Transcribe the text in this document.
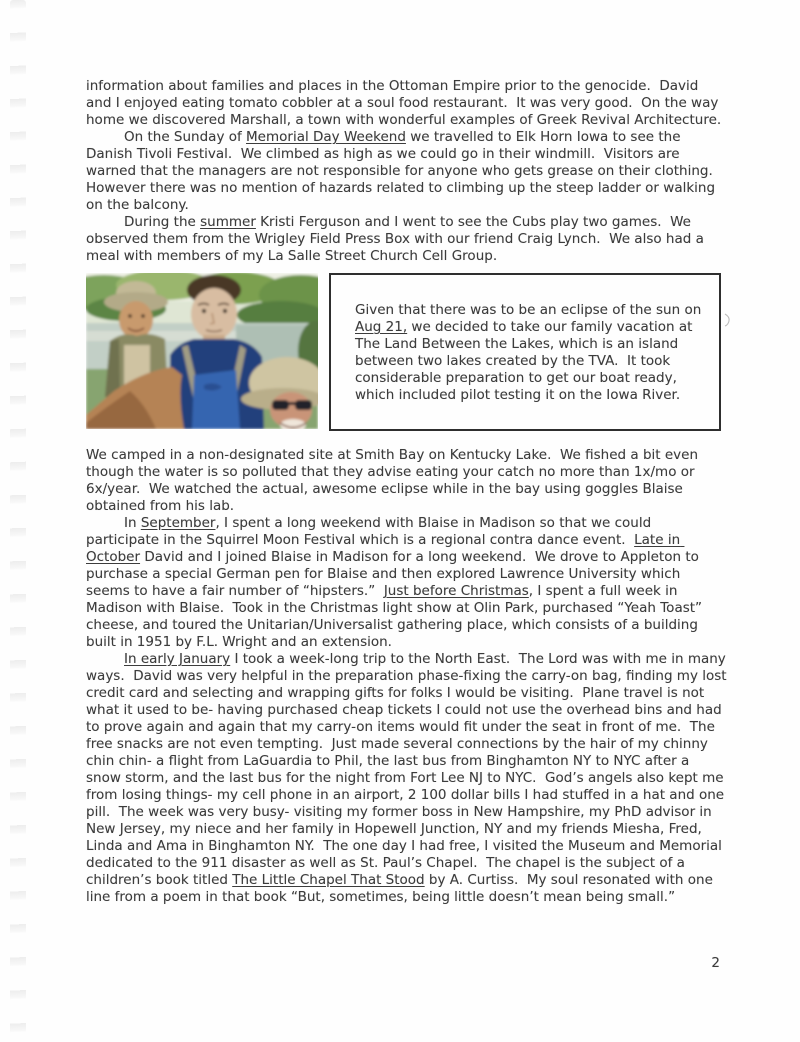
information about families and places in the Ottoman Empire prior to the genocide.  David and I enjoyed eating tomato cobbler at a soul food restaurant.  It was very good.  On the way home we discovered Marshall, a town with wonderful examples of Greek Revival Architecture.

On the Sunday of Memorial Day Weekend we travelled to Elk Horn Iowa to see the Danish Tivoli Festival.  We climbed as high as we could go in their windmill.  Visitors are warned that the managers are not responsible for anyone who gets grease on their clothing.  However there was no mention of hazards related to climbing up the steep ladder or walking on the balcony.

During the summer Kristi Ferguson and I went to see the Cubs play two games.  We observed them from the Wrigley Field Press Box with our friend Craig Lynch.  We also had a meal with members of my La Salle Street Church Cell Group.

Given that there was to be an eclipse of the sun on Aug 21, we decided to take our family vacation at The Land Between the Lakes, which is an island between two lakes created by the TVA.  It took considerable preparation to get our boat ready, which included pilot testing it on the Iowa River.

We camped in a non-designated site at Smith Bay on Kentucky Lake.  We fished a bit even though the water is so polluted that they advise eating your catch no more than 1x/mo or 6x/year.  We watched the actual, awesome eclipse while in the bay using goggles Blaise obtained from his lab.

In September, I spent a long weekend with Blaise in Madison so that we could participate in the Squirrel Moon Festival which is a regional contra dance event.  Late in October David and I joined Blaise in Madison for a long weekend.  We drove to Appleton to purchase a special German pen for Blaise and then explored Lawrence University which seems to have a fair number of “hipsters.”  Just before Christmas, I spent a full week in Madison with Blaise.  Took in the Christmas light show at Olin Park, purchased “Yeah Toast” cheese, and toured the Unitarian/Universalist gathering place, which consists of a building built in 1951 by F.L. Wright and an extension.

In early January I took a week-long trip to the North East.  The Lord was with me in many ways.  David was very helpful in the preparation phase-fixing the carry-on bag, finding my lost credit card and selecting and wrapping gifts for folks I would be visiting.  Plane travel is not what it used to be- having purchased cheap tickets I could not use the overhead bins and had to prove again and again that my carry-on items would fit under the seat in front of me.  The free snacks are not even tempting.  Just made several connections by the hair of my chinny chin chin- a flight from LaGuardia to Phil, the last bus from Binghamton NY to NYC after a snow storm, and the last bus for the night from Fort Lee NJ to NYC.  God’s angels also kept me from losing things- my cell phone in an airport, 2 100 dollar bills I had stuffed in a hat and one pill.  The week was very busy- visiting my former boss in New Hampshire, my PhD advisor in New Jersey, my niece and her family in Hopewell Junction, NY and my friends Miesha, Fred, Linda and Ama in Binghamton NY.  The one day I had free, I visited the Museum and Memorial dedicated to the 911 disaster as well as St. Paul’s Chapel.  The chapel is the subject of a children’s book titled The Little Chapel That Stood by A. Curtiss.  My soul resonated with one line from a poem in that book “But, sometimes, being little doesn’t mean being small.”

2
